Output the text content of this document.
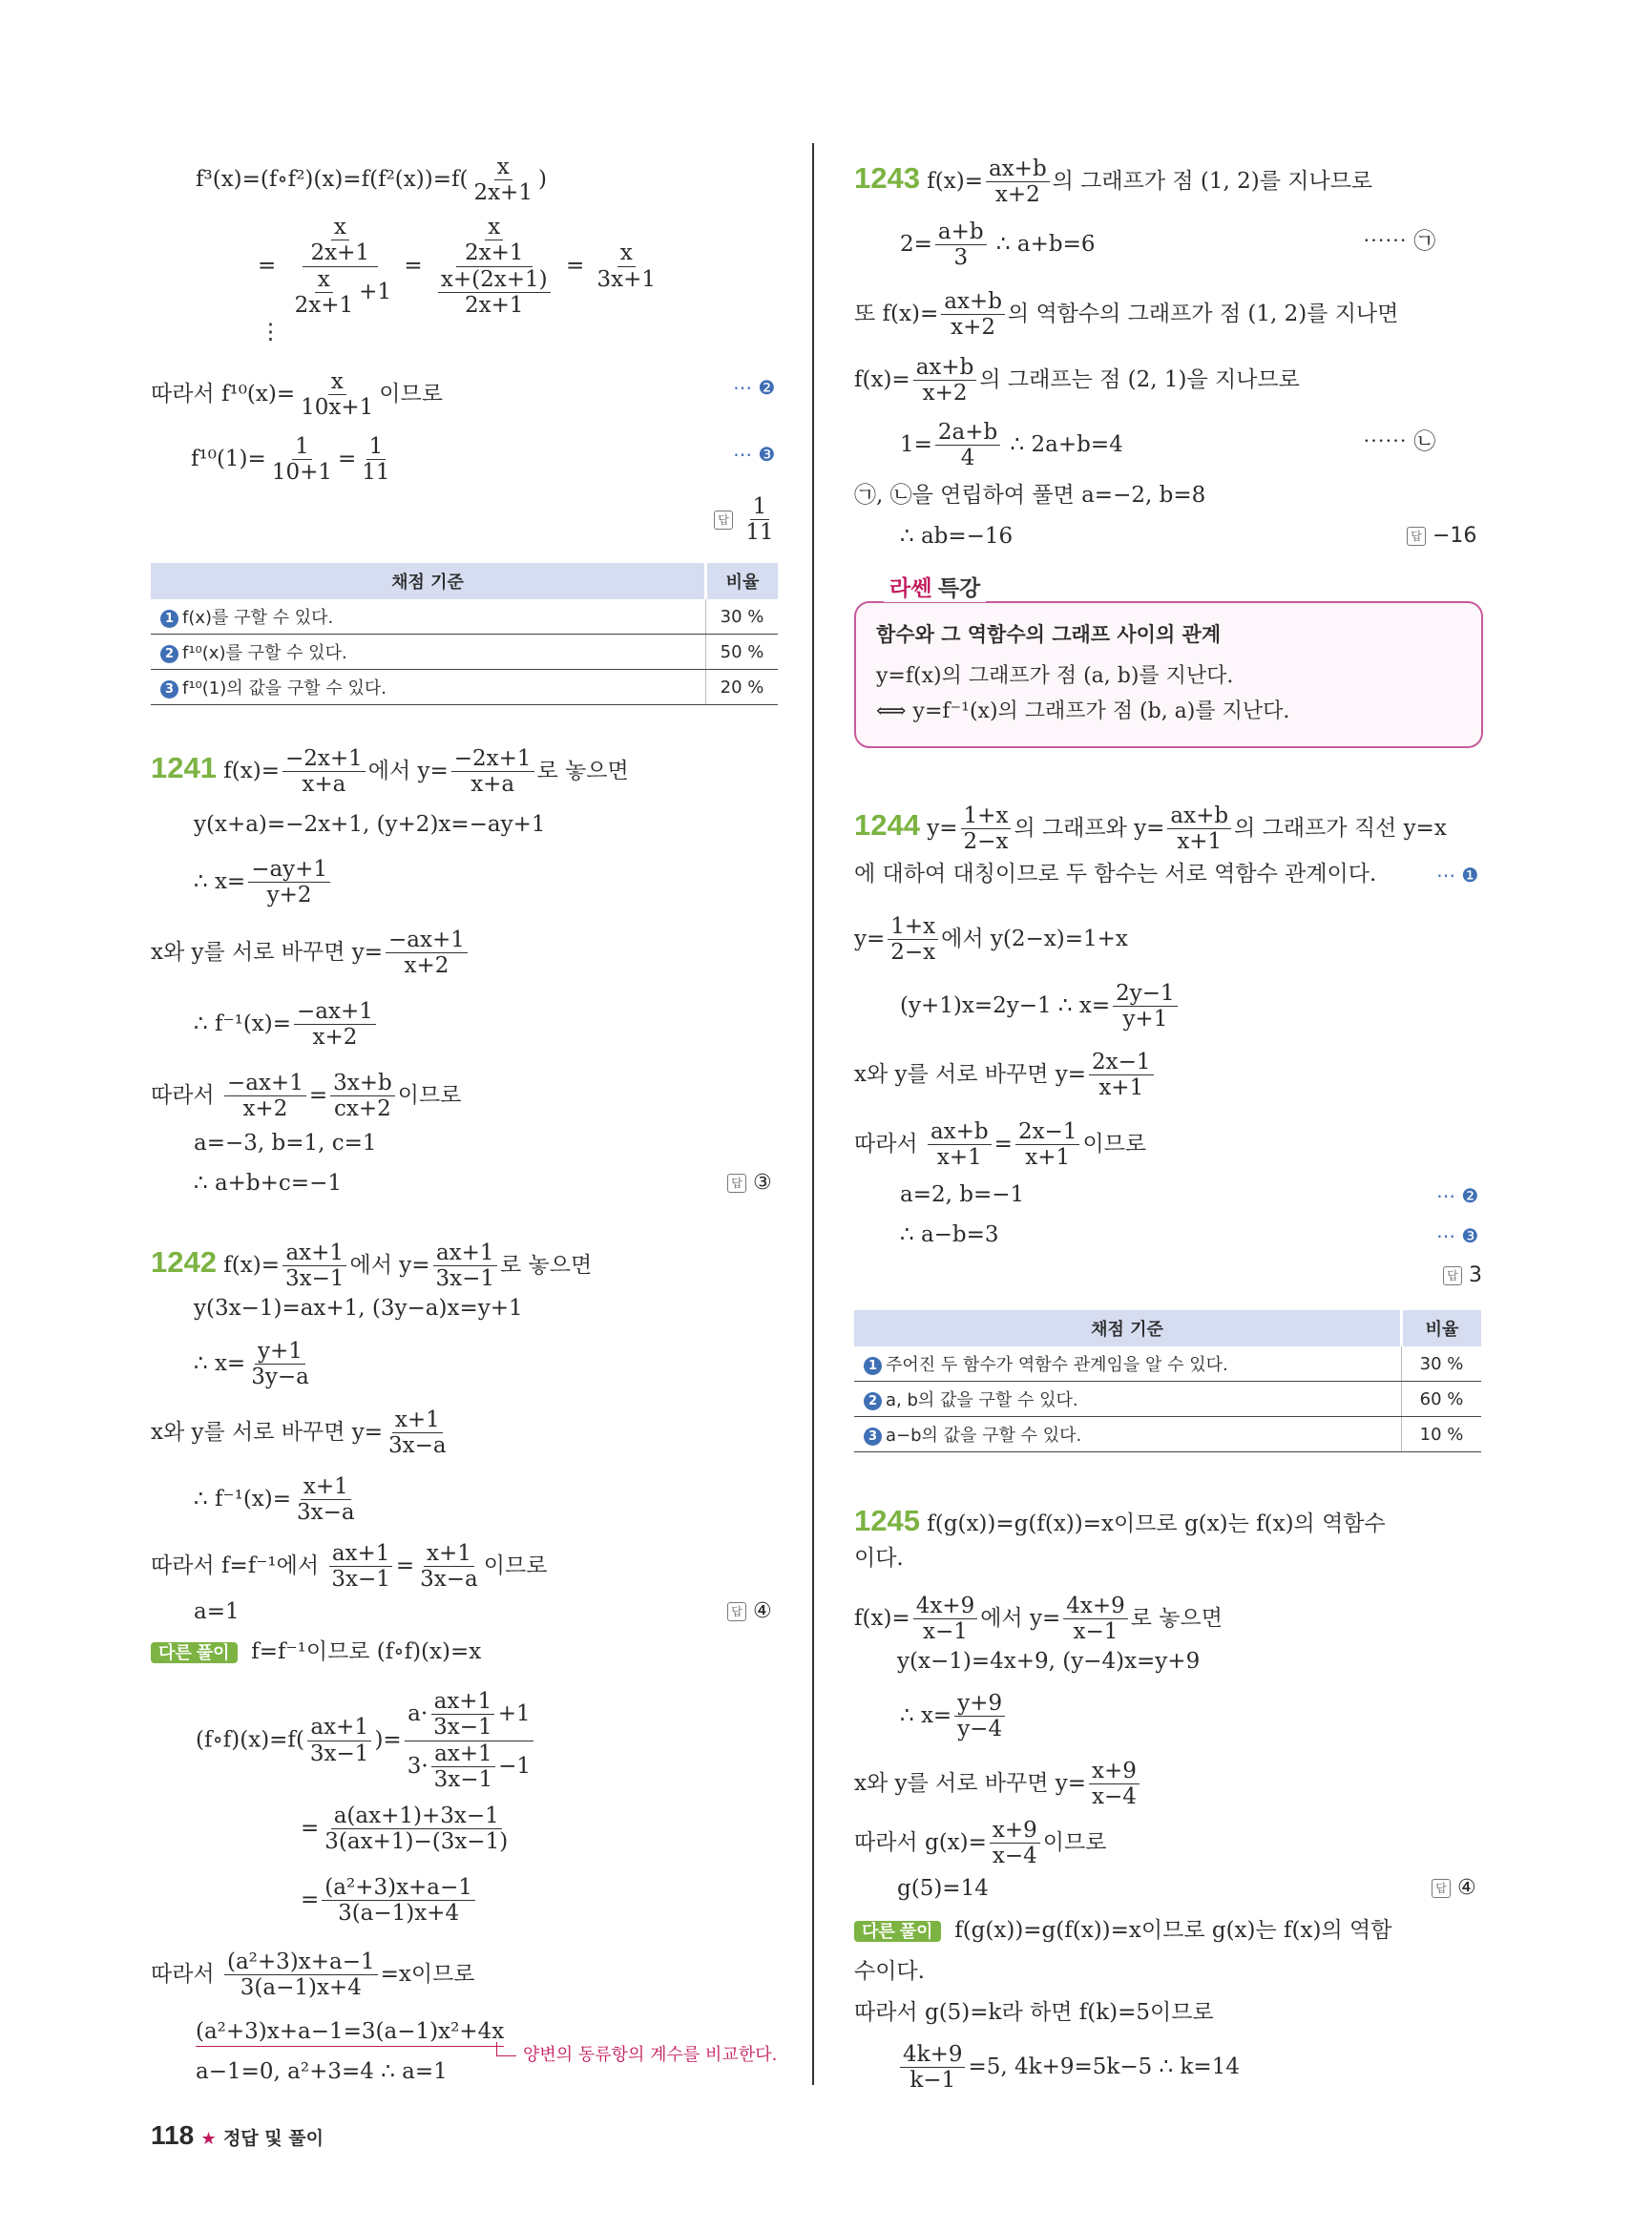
f³(x)=(f∘f²)(x)=f(f²(x))=f( $\frac{x}{2x+1}$ )
= $\frac{\frac{x}{2x+1}}{\frac{x}{2x+1} +1} = \frac{\frac{x}{2x+1}}{\frac{x+(2x+1)}{2x+1}} = \frac{x}{3x+1}$
⋮
따라서 $f^{10}(x)= \frac{x}{10x+1}$ 이므로	⋯ ❷
$f^{10}(1)= \frac{1}{10+1} = \frac{1}{11}$	⋯ ❸
답 $\frac{1}{11}$
채점 기준	비율
1 f(x)를 구할 수 있다.	30 %
2 f¹⁰(x)를 구할 수 있다.	50 %
3 f¹⁰(1)의 값을 구할 수 있다.	20 %
1241 $f(x)= \frac{-2x+1}{x+a}$ 에서 $y= \frac{-2x+1}{x+a}$ 로 놓으면
y(x+a)=−2x+1, (y+2)x=−ay+1
∴ $x= \frac{-ay+1}{y+2}$
x와 y를 서로 바꾸면 $y= \frac{-ax+1}{x+2}$
∴ $f^{-1}(x)= \frac{-ax+1}{x+2}$
따라서 $\frac{-ax+1}{x+2} = \frac{3x+b}{cx+2}$ 이므로
a=−3, b=1, c=1
∴ a+b+c=−1	답 ③
1242 $f(x)= \frac{ax+1}{3x-1}$ 에서 $y= \frac{ax+1}{3x-1}$ 로 놓으면
y(3x−1)=ax+1, (3y−a)x=y+1
∴ $x= \frac{y+1}{3y-a}$
x와 y를 서로 바꾸면 $y= \frac{x+1}{3x-a}$
∴ $f^{-1}(x)= \frac{x+1}{3x-a}$
따라서 f=f⁻¹에서 $\frac{ax+1}{3x-1} = \frac{x+1}{3x-a}$ 이므로
a=1	답 ④
다른 풀이 f=f⁻¹이므로 (f∘f)(x)=x
(f∘f)(x)=f( $\frac{ax+1}{3x-1}$ )= $\frac{a\cdot \frac{ax+1}{3x-1} +1}{3\cdot \frac{ax+1}{3x-1} -1}$
= $\frac{a(ax+1)+3x-1}{3(ax+1)-(3x-1)}$
= $\frac{\text{(a²+3)x+a−1}}{3(a-1)x+4}$
따라서 $\frac{\text{(a²+3)x+a−1}}{3(a-1)x+4} =x$이므로
(a²+3)x+a−1=3(a−1)x²+4x
a−1=0, a²+3=4 ∴ a=1
양변의 동류항의 계수를 비교한다.
1243 $f(x)= \frac{ax+b}{x+2}$ 의 그래프가 점 (1, 2)를 지나므로
$2= \frac{a+b}{3}$ ∴ a+b=6	⋯⋯ ㉠
또 $f(x)= \frac{ax+b}{x+2}$ 의 역함수의 그래프가 점 (1, 2)를 지나면
$f(x)= \frac{ax+b}{x+2}$ 의 그래프는 점 (2, 1)을 지나므로
$1= \frac{2a+b}{4}$ ∴ 2a+b=4	⋯⋯ ㉡
㉠, ㉡을 연립하여 풀면 a=−2, b=8
∴ ab=−16	답 −16
라쎈 특강
함수와 그 역함수의 그래프 사이의 관계
y=f(x)의 그래프가 점 (a, b)를 지난다.
⟺ y=f⁻¹(x)의 그래프가 점 (b, a)를 지난다.
1244 $y= \frac{1+x}{2-x}$ 의 그래프와 $y= \frac{ax+b}{x+1}$ 의 그래프가 직선 y=x
에 대하여 대칭이므로 두 함수는 서로 역함수 관계이다.	⋯ ❶
$y= \frac{1+x}{2-x}$ 에서 y(2−x)=1+x
(y+1)x=2y−1 ∴ $x= \frac{2y-1}{y+1}$
x와 y를 서로 바꾸면 $y= \frac{2x-1}{x+1}$
따라서 $\frac{ax+b}{x+1} = \frac{2x-1}{x+1}$ 이므로
a=2, b=−1	⋯ ❷
∴ a−b=3	⋯ ❸
답 3
채점 기준	비율
1 주어진 두 함수가 역함수 관계임을 알 수 있다.	30 %
2 a, b의 값을 구할 수 있다.	60 %
3 a−b의 값을 구할 수 있다.	10 %
1245 f(g(x))=g(f(x))=x이므로 g(x)는 f(x)의 역함수
이다.
$f(x)= \frac{4x+9}{x-1}$ 에서 $y= \frac{4x+9}{x-1}$ 로 놓으면
y(x−1)=4x+9, (y−4)x=y+9
∴ $x= \frac{y+9}{y-4}$
x와 y를 서로 바꾸면 $y= \frac{x+9}{x-4}$
따라서 $g(x)= \frac{x+9}{x-4}$ 이므로
g(5)=14	답 ④
다른 풀이 f(g(x))=g(f(x))=x이므로 g(x)는 f(x)의 역함
수이다.
따라서 g(5)=k라 하면 f(k)=5이므로
$\frac{4k+9}{k-1} =5$, 4k+9=5k−5 ∴ k=14
118 ★ 정답 및 풀이
